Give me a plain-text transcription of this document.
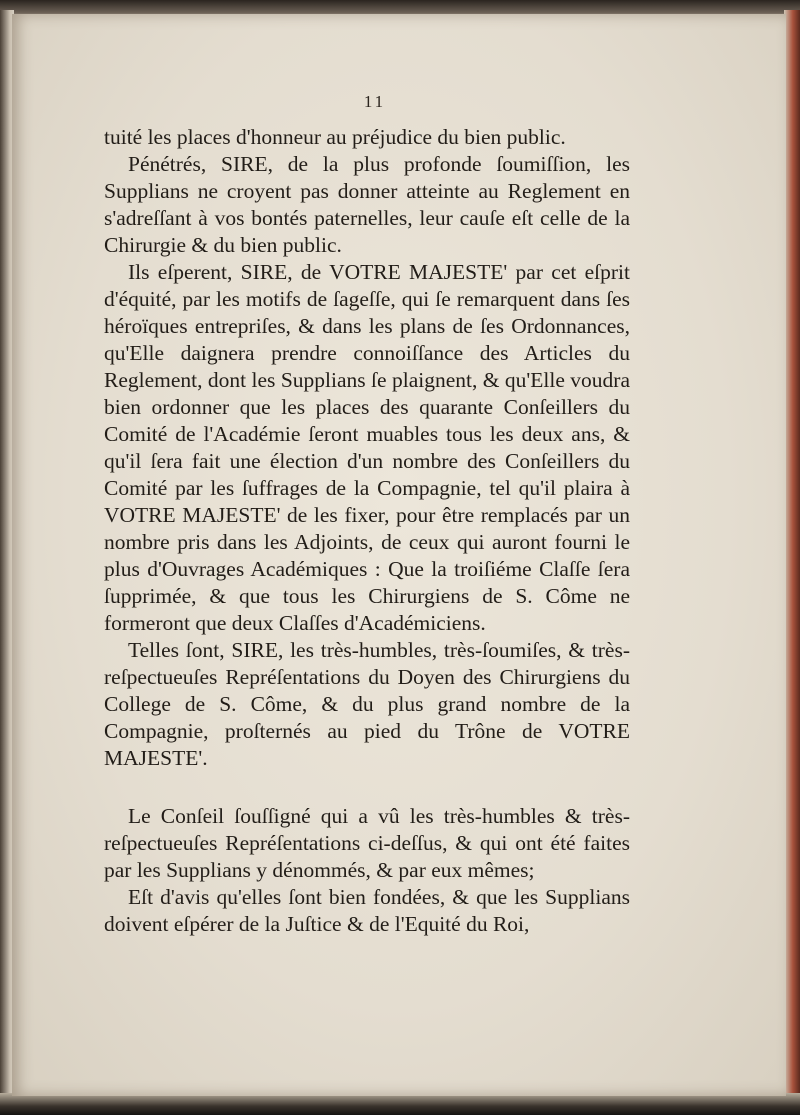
11

tuité les places d'honneur au préjudice du bien public.

Pénétrés, SIRE, de la plus profonde ſoumiſſion, les Supplians ne croyent pas donner atteinte au Reglement en s'adreſſant à vos bontés paternelles, leur cauſe eſt celle de la Chirurgie & du bien public.

Ils eſperent, SIRE, de VOTRE MAJESTE' par cet eſprit d'équité, par les motifs de ſageſſe, qui ſe remarquent dans ſes héroïques entrepriſes, & dans les plans de ſes Ordonnances, qu'Elle daignera prendre connoiſſance des Articles du Reglement, dont les Supplians ſe plaignent, & qu'Elle voudra bien ordonner que les places des quarante Conſeillers du Comité de l'Académie ſeront muables tous les deux ans, & qu'il ſera fait une élection d'un nombre des Conſeillers du Comité par les ſuffrages de la Compagnie, tel qu'il plaira à VOTRE MAJESTE' de les fixer, pour être remplacés par un nombre pris dans les Adjoints, de ceux qui auront fourni le plus d'Ouvrages Académiques : Que la troiſiéme Claſſe ſera ſupprimée, & que tous les Chirurgiens de S. Côme ne formeront que deux Claſſes d'Académiciens.

Telles ſont, SIRE, les très-humbles, très-ſoumiſes, & très-reſpectueuſes Repréſentations du Doyen des Chirurgiens du College de S. Côme, & du plus grand nombre de la Compagnie, proſternés au pied du Trône de VOTRE MAJESTE'.

Le Conſeil ſouſſigné qui a vû les très-humbles & très-reſpectueuſes Repréſentations ci-deſſus, & qui ont été faites par les Supplians y dénommés, & par eux mêmes;

Eſt d'avis qu'elles ſont bien fondées, & que les Supplians doivent eſpérer de la Juſtice & de l'Equité du Roi,
